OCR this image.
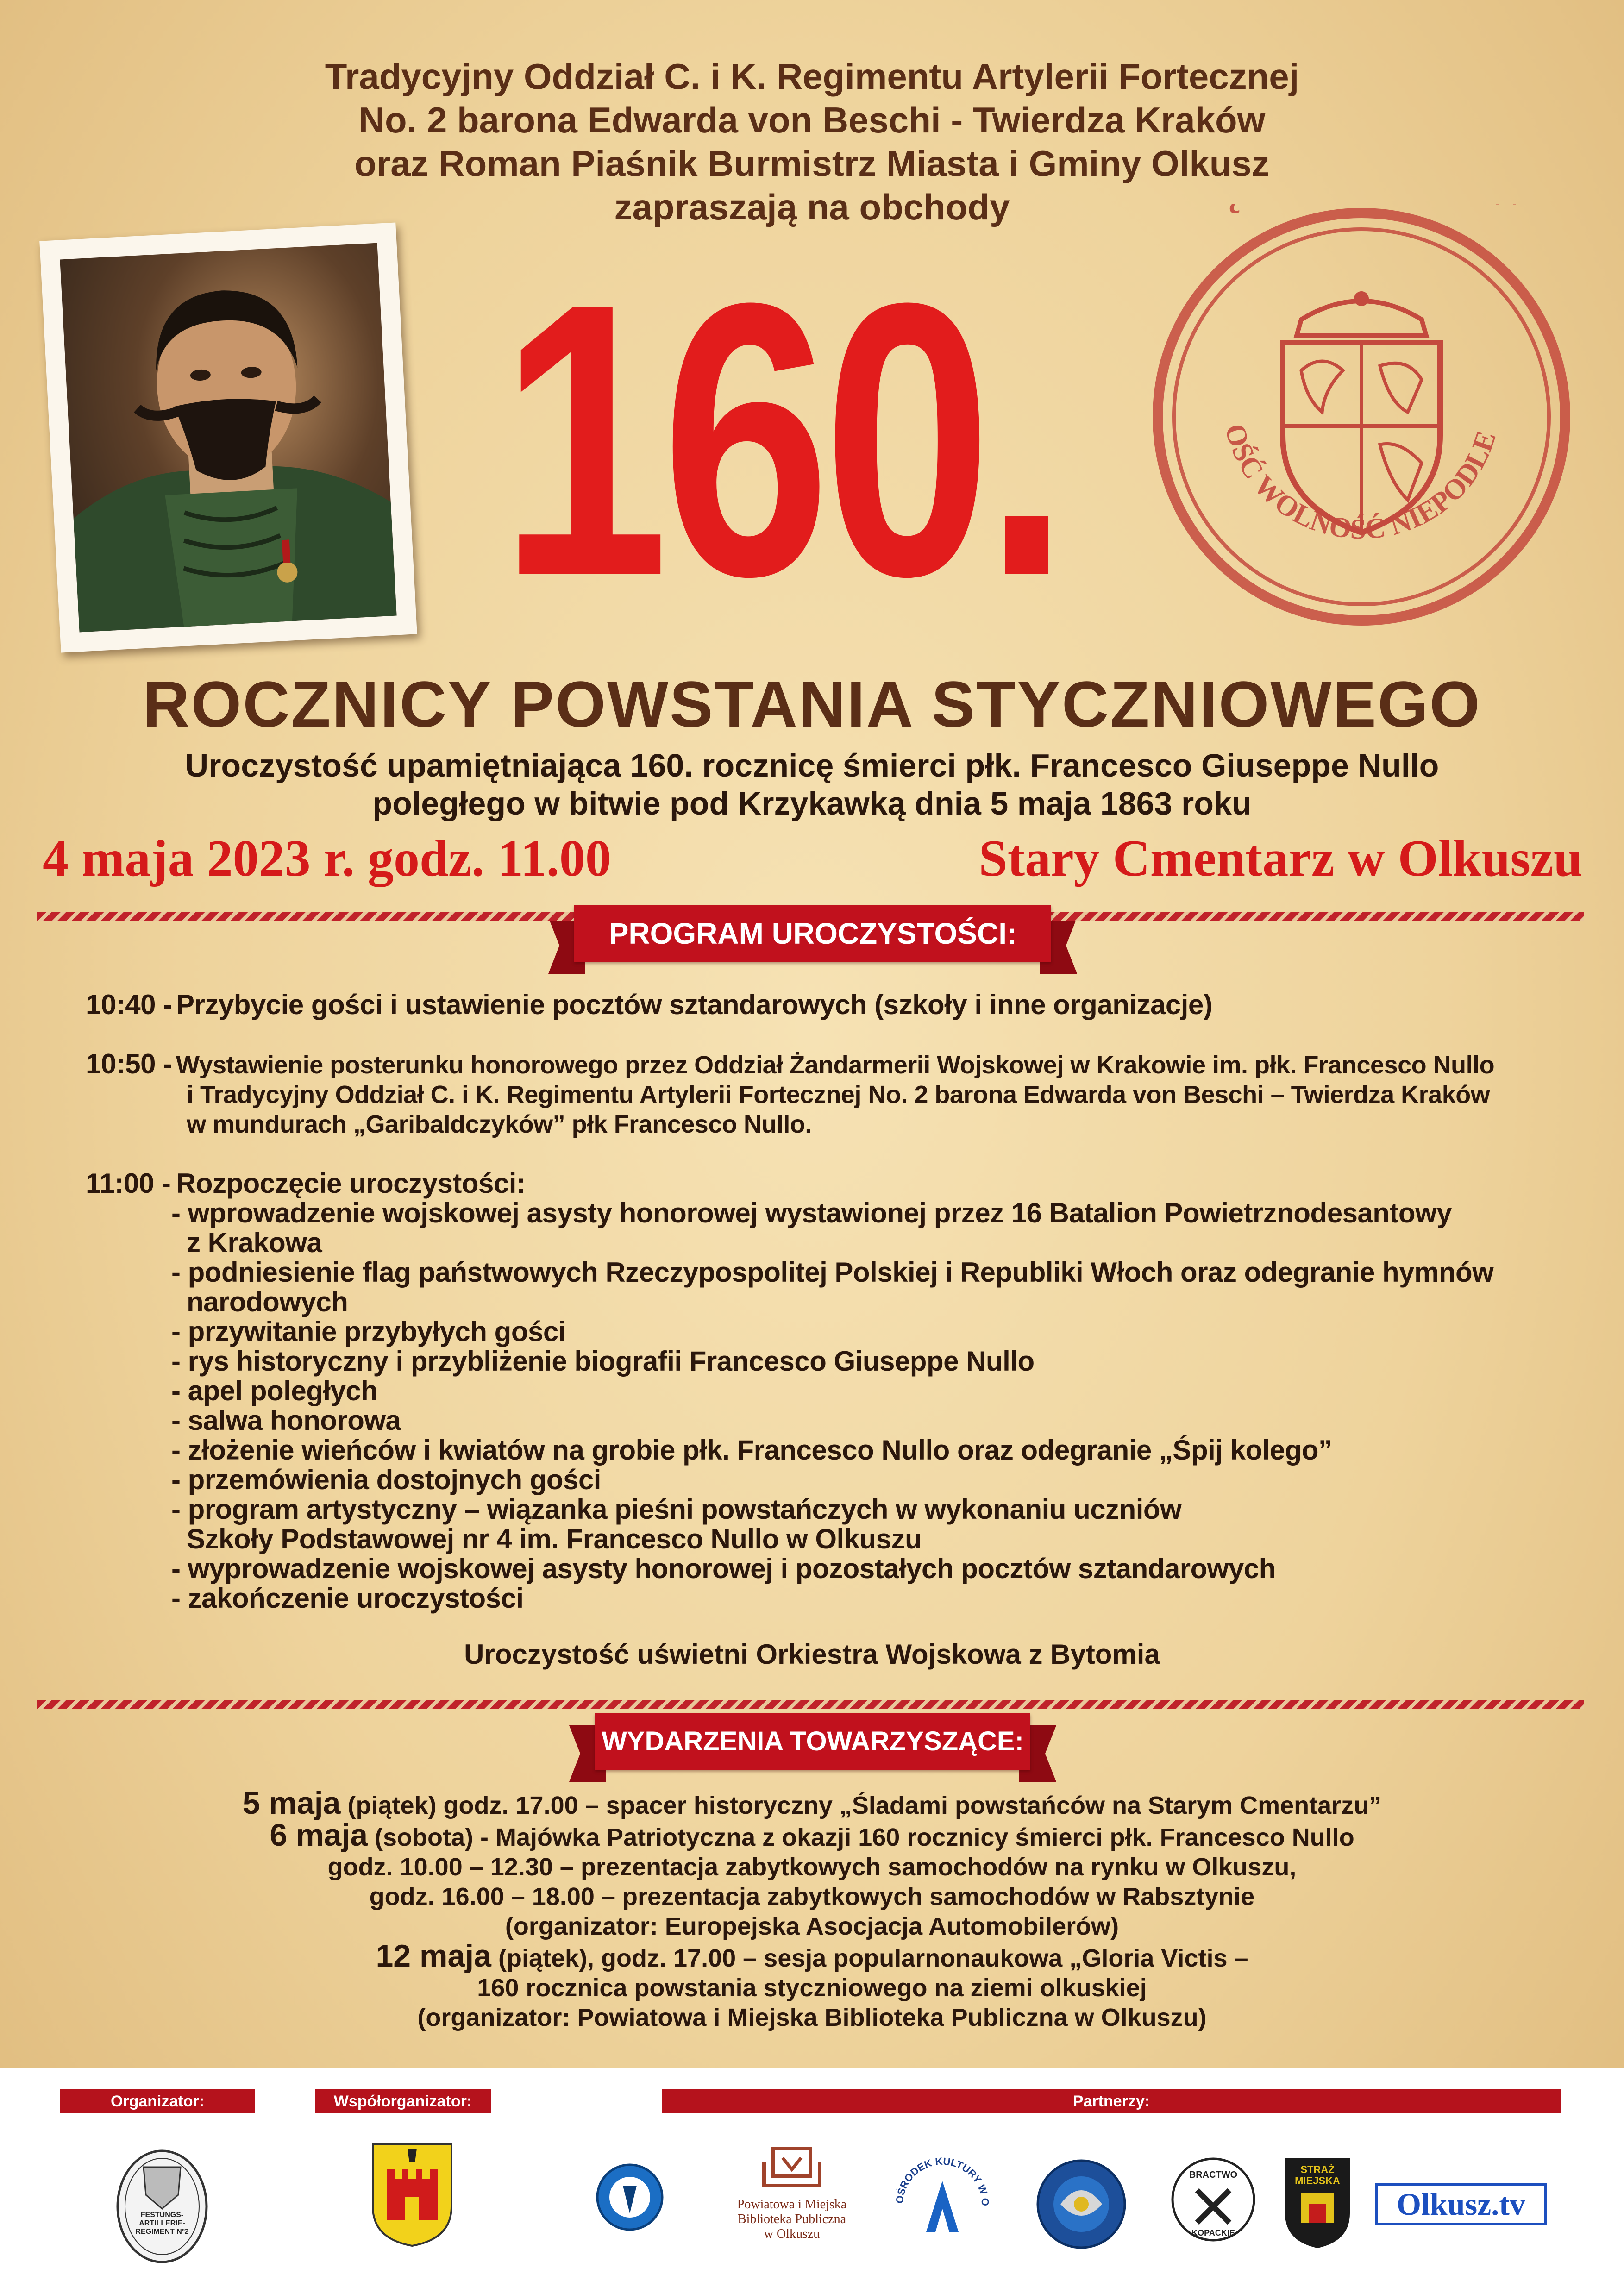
Tradycyjny Oddział C. i K. Regimentu Artylerii Fortecznej
No. 2 barona Edwarda von Beschi - Twierdza Kraków
oraz Roman Piaśnik Burmistrz Miasta i Gminy Olkusz
zapraszają na obchody
160.	OŚĆ WOLNOŚĆ NIEPODLE
ROCZNICY POWSTANIA STYCZNIOWEGO
Uroczystość upamiętniająca 160. rocznicę śmierci płk. Francesco Giuseppe Nullo
poległego w bitwie pod Krzykawką dnia 5 maja 1863 roku
4 maja 2023 r. godz. 11.00	Stary Cmentarz w Olkuszu
PROGRAM UROCZYSTOŚCI:
10:40 - Przybycie gości i ustawienie pocztów sztandarowych (szkoły i inne organizacje)
10:50 - Wystawienie posterunku honorowego przez Oddział Żandarmerii Wojskowej w Krakowie im. płk. Francesco Nullo
i Tradycyjny Oddział C. i K. Regimentu Artylerii Fortecznej No. 2 barona Edwarda von Beschi – Twierdza Kraków
w mundurach „Garibaldczyków” płk Francesco Nullo.
11:00 - Rozpoczęcie uroczystości:
- wprowadzenie wojskowej asysty honorowej wystawionej przez 16 Batalion Powietrznodesantowy
z Krakowa
- podniesienie flag państwowych Rzeczypospolitej Polskiej i Republiki Włoch oraz odegranie hymnów
narodowych
- przywitanie przybyłych gości
- rys historyczny i przybliżenie biografii Francesco Giuseppe Nullo
- apel poległych
- salwa honorowa
- złożenie wieńców i kwiatów na grobie płk. Francesco Nullo oraz odegranie „Śpij kolego”
- przemówienia dostojnych gości
- program artystyczny – wiązanka pieśni powstańczych w wykonaniu uczniów
Szkoły Podstawowej nr 4 im. Francesco Nullo w Olkuszu
- wyprowadzenie wojskowej asysty honorowej i pozostałych pocztów sztandarowych
- zakończenie uroczystości
Uroczystość uświetni Orkiestra Wojskowa z Bytomia
WYDARZENIA TOWARZYSZĄCE:
5 maja (piątek) godz. 17.00 – spacer historyczny „Śladami powstańców na Starym Cmentarzu”
6 maja (sobota) - Majówka Patriotyczna z okazji 160 rocznicy śmierci płk. Francesco Nullo
godz. 10.00 – 12.30 – prezentacja zabytkowych samochodów na rynku w Olkuszu,
godz. 16.00 – 18.00 – prezentacja zabytkowych samochodów w Rabsztynie
(organizator: Europejska Asocjacja Automobilerów)
12 maja (piątek), godz. 17.00 – sesja popularnonaukowa „Gloria Victis –
160 rocznica powstania styczniowego na ziemi olkuskiej
(organizator: Powiatowa i Miejska Biblioteka Publiczna w Olkuszu)
Organizator:	Współorganizator:	Partnerzy:
FESTUNGS-ARTILLERIE-REGIMENT Nº2
Powiatowa i Miejska
Biblioteka Publiczna
w Olkuszu
OŚRODEK KULTURY W O
BRACTWO
KOPACKIE
STRAŻ MIEJSKA
Olkusz.tv
